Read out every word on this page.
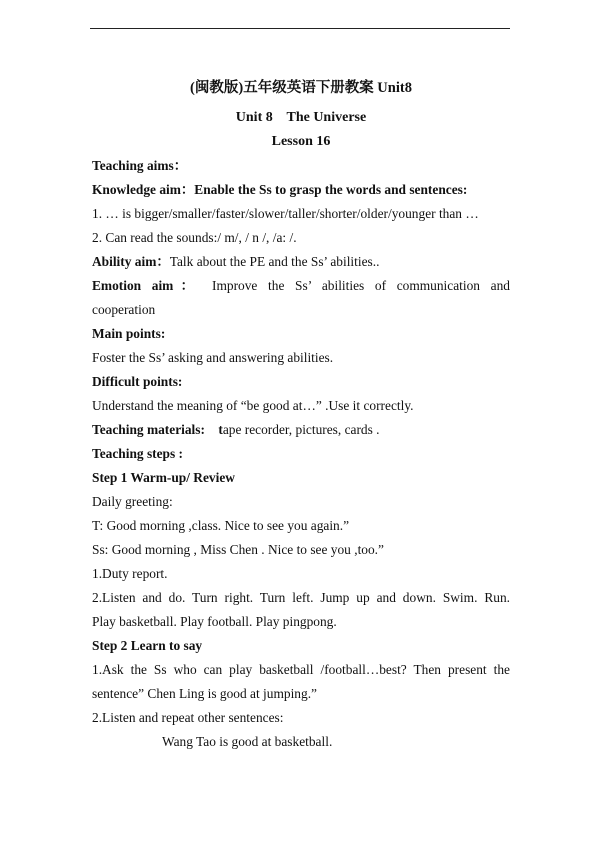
(闽教版)五年级英语下册教案 Unit8
Unit 8    The Universe
Lesson 16
Teaching aims：
Knowledge aim：Enable the Ss to grasp the words and sentences:
1. … is bigger/smaller/faster/slower/taller/shorter/older/younger than …
2. Can read the sounds:/ m/, / n /, /a: /.
Ability aim：Talk about the PE and the Ss’ abilities..
Emotion aim： Improve the Ss’ abilities of communication and
cooperation
Main points:
Foster the Ss’ asking and answering abilities.
Difficult points:
Understand the meaning of “be good at…” .Use it correctly.
Teaching materials: tape recorder, pictures, cards .
Teaching steps :
Step 1 Warm-up/ Review
Daily greeting:
T: Good morning ,class. Nice to see you again.”
Ss: Good morning , Miss Chen . Nice to see you ,too.”
1.Duty report.
2.Listen and do. Turn right. Turn left. Jump up and down. Swim. Run.
Play basketball. Play football. Play pingpong.
Step 2 Learn to say
1.Ask the Ss who can play basketball /football…best? Then present the
sentence” Chen Ling is good at jumping.”
2.Listen and repeat other sentences:
Wang Tao is good at basketball.
